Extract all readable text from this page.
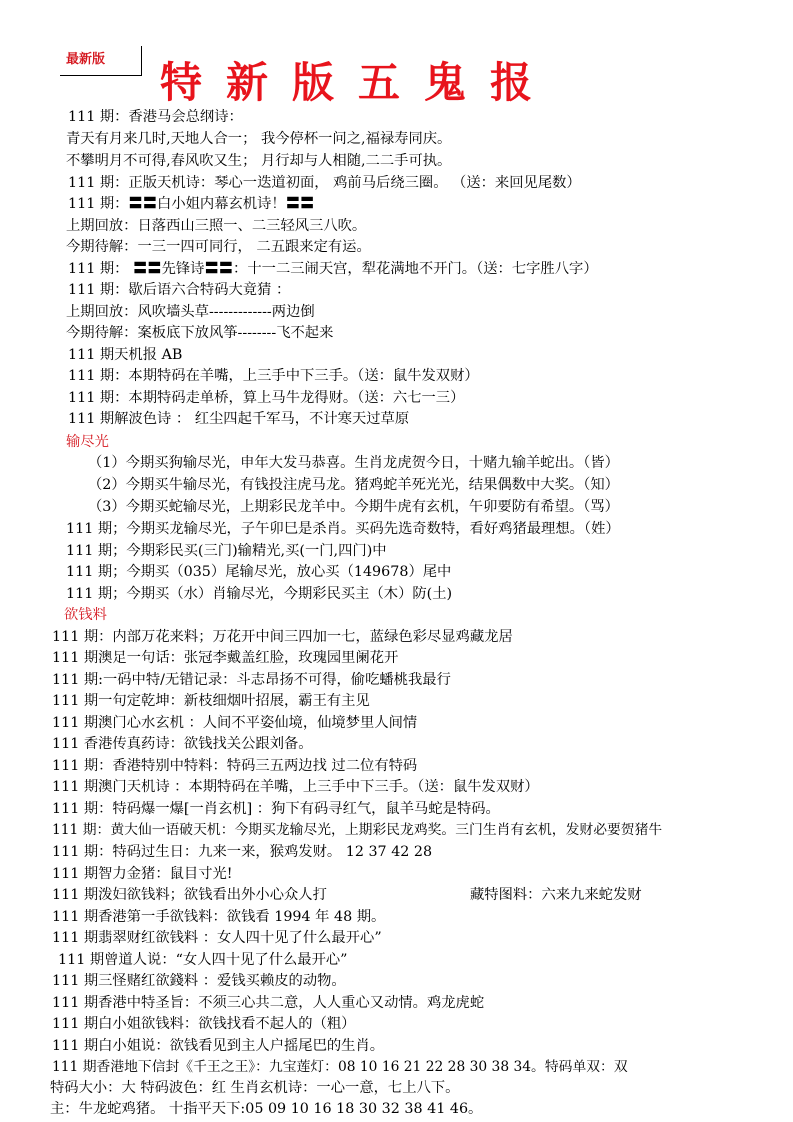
最新版 特新版五鬼报
111 期：香港马会总纲诗：
青天有月来几时,天地人合一； 我今停杯一问之,福禄寿同庆。
不攀明月不可得,春风吹又生； 月行却与人相随,二二手可执。
111 期：正版天机诗：琴心一迭道初面， 鸡前马后绕三圈。 （送：来回见尾数）
111 期：〓〓白小姐内幕玄机诗！〓〓
上期回放：日落西山三照一、二三轻风三八吹。
今期待解：一三一四可同行， 二五跟来定有运。
111 期： 〓〓先锋诗〓〓：十一二三闹天宫，犁花满地不开门。（送：七字胜八字）
111 期：歇后语六合特码大竟猜 ：
上期回放：风吹墙头草-------------两边倒
今期待解：案板底下放风筝--------飞不起来
111 期天机报 AB
111 期：本期特码在羊嘴，上三手中下三手。（送：鼠牛发双财）
111 期：本期特码走单桥，算上马牛龙得财。（送：六七一三）
111 期解波色诗 ： 红尘四起千军马，不计寒天过草原
输尽光
（1）今期买狗输尽光，申年大发马恭喜。生肖龙虎贺今日，十赌九输羊蛇出。（皆）
（2）今期买牛输尽光，有钱投注虎马龙。猪鸡蛇羊死光光，结果偶数中大奖。（知）
（3）今期买蛇输尽光，上期彩民龙羊中。今期牛虎有玄机，午卯要防有希望。（骂）
111 期；今期买龙输尽光，子午卯巳是杀肖。买码先选奇数特，看好鸡猪最理想。（姓）
111 期；今期彩民买(三门)输精光,买(一门,四门)中
111 期；今期买（035）尾输尽光，放心买（149678）尾中
111 期；今期买（水）肖输尽光，今期彩民买主（木）防(土)
欲钱料
111 期：内部万花来料；万花开中间三四加一七，蓝绿色彩尽显鸡藏龙居
111 期澳足一句话：张冠李戴盖红脸，玫瑰园里阑花开
111 期:一码中特/无错记录：斗志昂扬不可得，偷吃蟠桃我最行
111 期一句定乾坤：新枝细烟叶招展，霸王有主见
111 期澳门心水玄机 ：人间不平姿仙境，仙境梦里人间情
111 香港传真药诗：欲钱找关公跟刘备。
111 期：香港特别中特料：特码三五两边找 过二位有特码
111 期澳门天机诗 ：本期特码在羊嘴，上三手中下三手。（送：鼠牛发双财）
111 期：特码爆一爆[一肖玄机] ：狗下有码寻红气，鼠羊马蛇是特码。
111 期：黄大仙一语破天机：今期买龙输尽光，上期彩民龙鸡奖。三门生肖有玄机，发财必要贺猪牛
111 期：特码过生日：九来一来，猴鸡发财。 12 37 42 28
111 期智力金猪：鼠目寸光!
111 期泼妇欲钱料；欲钱看出外小心众人打	藏特图料：六来九来蛇发财
111 期香港第一手欲钱料：欲钱看 1994 年 48 期。
111 期翡翠财红欲钱料 ：女人四十见了什么最开心”
111 期曾道人说：“女人四十见了什么最开心”
111 期三怪赌红欲錢料 ：爱钱买赖皮的动物。
111 期香港中特圣旨：不须三心共二意，人人重心又动情。鸡龙虎蛇
111 期白小姐欲钱料：欲钱找看不起人的（粗）
111 期白小姐说：欲钱看见到主人户摇尾巴的生肖。
111 期香港地下信封《千王之王》：九宝莲灯：08 10 16 21 22 28 30 38 34。特码单双：双
特码大小：大 特码波色：红 生肖玄机诗：一心一意，七上八下。
主：牛龙蛇鸡猪。 十指平天下:05 09 10 16 18 30 32 38 41 46。
